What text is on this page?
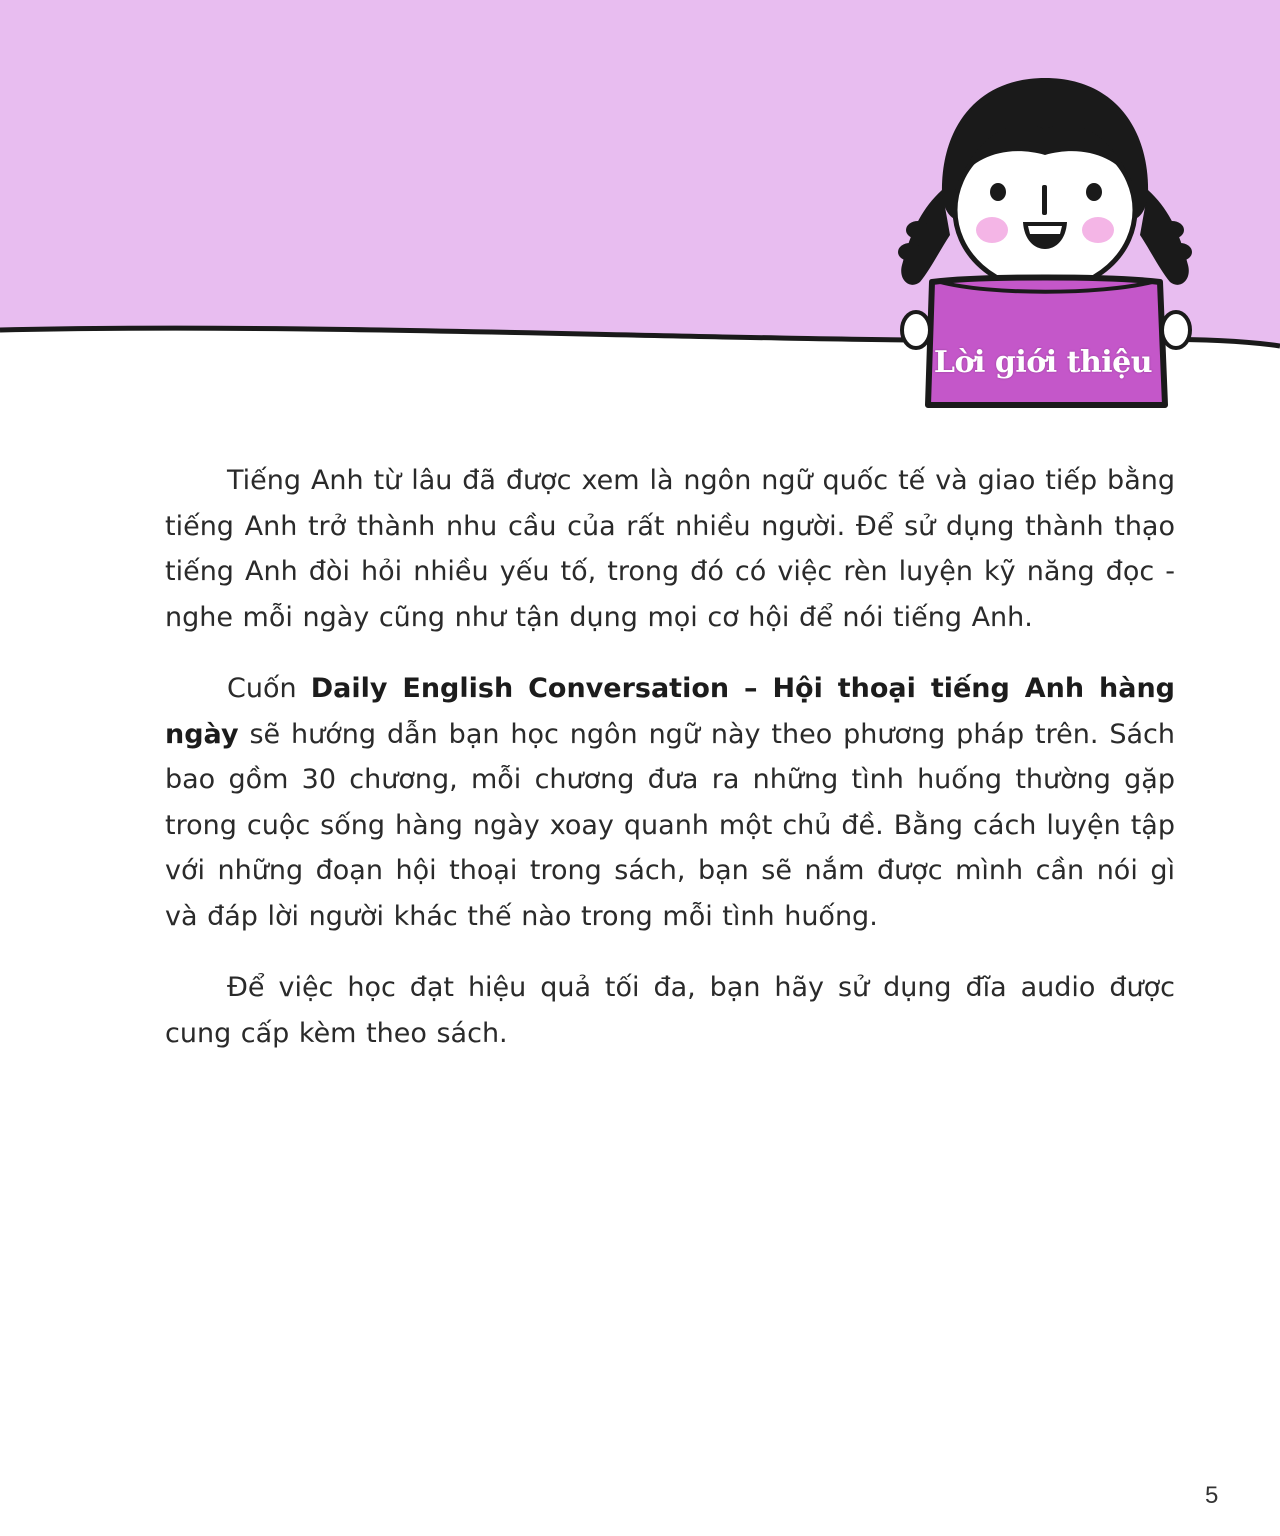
Lời giới thiệu

Tiếng Anh từ lâu đã được xem là ngôn ngữ quốc tế và giao tiếp bằng tiếng Anh trở thành nhu cầu của rất nhiều người. Để sử dụng thành thạo tiếng Anh đòi hỏi nhiều yếu tố, trong đó có việc rèn luyện kỹ năng đọc - nghe mỗi ngày cũng như tận dụng mọi cơ hội để nói tiếng Anh.

Cuốn Daily English Conversation – Hội thoại tiếng Anh hàng ngày sẽ hướng dẫn bạn học ngôn ngữ này theo phương pháp trên. Sách bao gồm 30 chương, mỗi chương đưa ra những tình huống thường gặp trong cuộc sống hàng ngày xoay quanh một chủ đề. Bằng cách luyện tập với những đoạn hội thoại trong sách, bạn sẽ nắm được mình cần nói gì và đáp lời người khác thế nào trong mỗi tình huống.

Để việc học đạt hiệu quả tối đa, bạn hãy sử dụng đĩa audio được cung cấp kèm theo sách.

5
